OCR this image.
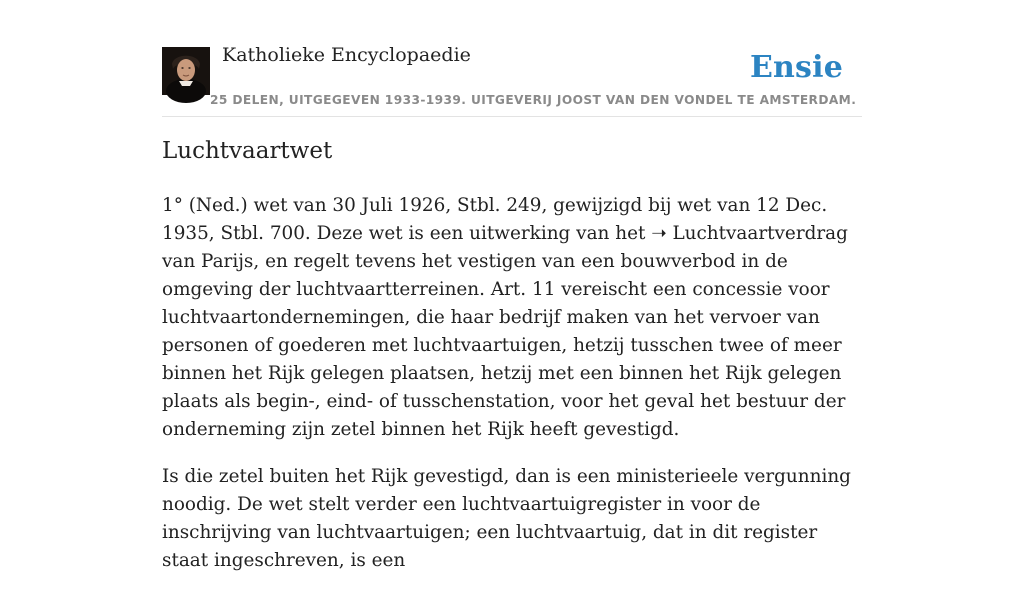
Katholieke Encyclopaedie
25 DELEN, UITGEGEVEN 1933-1939. UITGEVERIJ JOOST VAN DEN VONDEL TE AMSTERDAM.
Ensie
Luchtvaartwet

1° (Ned.) wet van 30 Juli 1926, Stbl. 249, gewijzigd bij wet van 12 Dec. 1935, Stbl. 700. Deze wet is een uitwerking van het ➝ Luchtvaartverdrag van Parijs, en regelt tevens het vestigen van een bouwverbod in de omgeving der luchtvaartterreinen. Art. 11 vereischt een concessie voor luchtvaartondernemingen, die haar bedrijf maken van het vervoer van personen of goederen met luchtvaartuigen, hetzij tusschen twee of meer binnen het Rijk gelegen plaatsen, hetzij met een binnen het Rijk gelegen plaats als begin-, eind- of tusschenstation, voor het geval het bestuur der onderneming zijn zetel binnen het Rijk heeft gevestigd.

Is die zetel buiten het Rijk gevestigd, dan is een ministerieele vergunning noodig. De wet stelt verder een luchtvaartuigregister in voor de inschrijving van luchtvaartuigen; een luchtvaartuig, dat in dit register staat ingeschreven, is een
